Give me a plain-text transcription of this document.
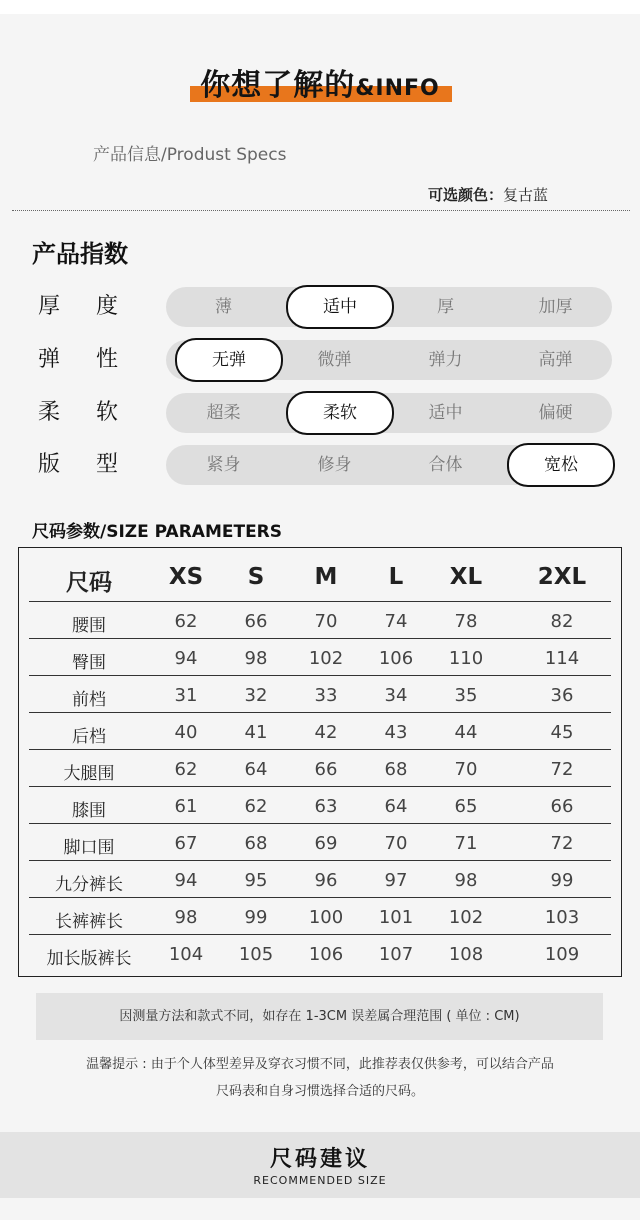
你想了解的&INFO
产品信息/Produst Specs
可选颜色：复古蓝
产品指数
厚 度	薄	适中	厚	加厚
弹 性	无弹	微弹	弹力	高弹
柔 软	超柔	柔软	适中	偏硬
版 型	紧身	修身	合体	宽松
尺码参数/SIZE PARAMETERS
尺码	XS	S	M	L	XL	2XL
腰围	62	66	70	74	78	82
臀围	94	98	102	106	110	114
前档	31	32	33	34	35	36
后档	40	41	42	43	44	45
大腿围	62	64	66	68	70	72
膝围	61	62	63	64	65	66
脚口围	67	68	69	70	71	72
九分裤长	94	95	96	97	98	99
长裤裤长	98	99	100	101	102	103
加长版裤长	104	105	106	107	108	109
因测量方法和款式不同，如存在 1-3CM 误差属合理范围 ( 单位 : CM)
温馨提示 : 由于个人体型差异及穿衣习惯不同，此推荐表仅供参考，可以结合产品
尺码表和自身习惯选择合适的尺码。
尺码建议
RECOMMENDED SIZE
